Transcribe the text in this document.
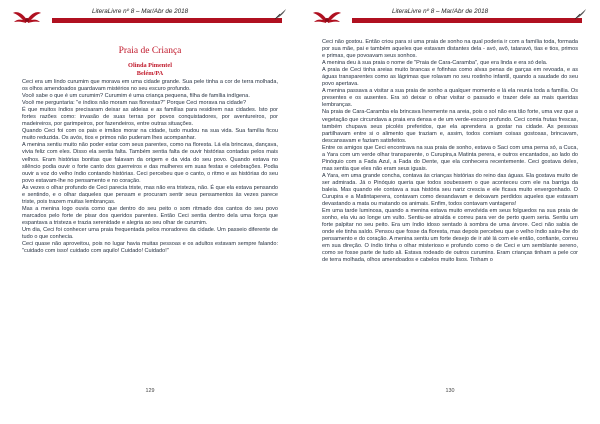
LiteraLivre nº 8 – Mar/Abr de 2018
Praia de Criança
Olinda Pimentel
Belém/PA

Ceci era um lindo curumim que morava em uma cidade grande. Sua pele tinha a cor de terra molhada, os olhos amendoados guardavam mistérios no seu escuro profundo.

Você sabe o que é um curumim? Curumim é uma criança pequena, filha de família indígena.

Você me perguntaria: "e índios não moram nas florestas?" Porque Ceci morava na cidade?

É que muitos índios precisaram deixar as aldeias e as famílias para residirem nas cidades. Isto por fortes razões como: invasão de suas terras por povos conquistadores, por aventureiros, por madeireiros, por garimpeiros, por fazendeiros, entre outras situações.

Quando Ceci foi com os pais e irmãos morar na cidade, tudo mudou na sua vida. Sua família ficou muito reduzida. Os avós, tios e primos não puderam lhes acompanhar.

A menina sentiu muito não poder estar com seus parentes, como na floresta. Lá ela brincava, dançava, vivia feliz com eles. Disso ela sentia falta. Também sentia falta de ouvir histórias contadas pelos mais velhos. Eram histórias bonitas que falavam da origem e da vida do seu povo. Quando estava no silêncio podia ouvir o forte canto dos guerreiros e das mulheres em suas festas e celebrações. Podia ouvir a voz do velho índio contando histórias. Ceci percebeu que o canto, o ritmo e as histórias do seu povo estavam-lhe no pensamento e no coração.

Às vezes o olhar profundo de Ceci parecia triste, mas não era tristeza, não. É que ela estava pensando e sentindo, e o olhar daqueles que pensam e procuram sentir seus pensamentos às vezes parece triste, pois trazem muitas lembranças.

Mas a menina logo ouvia como que dentro do seu peito o som ritmado dos cantos do seu povo marcados pelo forte de pisar dos queridos parentes. Então Ceci sentia dentro dela uma força que espantava a tristeza e trazia serenidade e alegria ao seu olhar de curumim.

Um dia, Ceci foi conhecer uma praia frequentada pelos moradores da cidade. Um passeio diferente de tudo o que conhecia.

Ceci quase não aproveitou, pois no lugar havia muitas pessoas e os adultos estavam sempre falando: "cuidado com isso! cuidado com aquilo! Cuidado! Cuidado!"

129
LiteraLivre nº 8 – Mar/Abr de 2018

Ceci não gostou. Então criou para si uma praia de sonho na qual poderia ir com a família toda, formada por sua mãe, pai e também aqueles que estavam distantes dela - avó, avô, tataravó, tias e tios, primos e primas, que povoavam seus sonhos.

A menina deu à sua praia o nome de "Praia de Cara-Caramba", que era linda e era só dela.

A praia de Ceci tinha areias muito brancas e fofinhas como alvas penas de garças em revoada, e as águas transparentes como as lágrimas que rolavam no seu rostinho infantil, quando a saudade do seu povo apertava.

A menina passava a visitar a sua praia de sonho a qualquer momento e lá ela reunia toda a família. Os presentes e os ausentes. Era só deixar o olhar visitar o passado e trazer dele as mais queridas lembranças.

Na praia de Cara-Caramba ela brincava livremente na areia, pois o sol não era tão forte, uma vez que a vegetação que circundava a praia era densa e de um verde-escuro profundo. Ceci comia frutas frescas, também chupava seus picolés preferidos, que ela aprendera a gostar na cidade. As pessoas partilhavam entre si o alimento que traziam e, assim, todos comiam coisas gostosas, brincavam, descansavam e faziam satisfeitos.

Entre os amigos que Ceci encontrava na sua praia de sonho, estava o Saci com uma perna só, a Cuca, a Yara com um verde olhar transparente, o Curupira,a Matinta perera, e outros encantados, ao lado do Pinóquio com a Fada Azul, a Fada do Dente, que ela conhecera recentemente. Ceci gostava deles, mas sentia que eles não eram seus iguais.

A Yara, em uma grande concha, contava às crianças histórias do reino das águas. Ela gostava muito de ser admirada. Já o Pinóquio queria que todos soubessem o que aconteceu com ele na barriga da baleia. Mas quando ele contava a sua história seu nariz crescia e ele ficava muito envergonhado. O Curupira e a Matintaperera, contavam como desandavam e deixavam perdidos aqueles que estavam devastando a mata ou matando os animais. Enfim, todos contavam vantagens!

Em uma tarde luminosa, quando a menina estava muito envolvida em seus folguedos na sua praia de sonho, ela viu ao longe um vulto. Sentiu-se atraída e correu para ver de perto quem seria. Sentiu um forte palpitar no seu peito. Era um índio idoso sentado à sombra de uma árvore. Ceci não sabia de onde ele tinha saído. Pensou que fosse da floresta, mas depois percebeu que o velho índio saíra-lhe do pensamento e do coração. A menina sentiu um forte desejo de ir até lá com ele então, confiante, correu em sua direção. O índio tinha o olhar misterioso e profundo como o de Ceci e um semblante sereno, como se fosse parte de tudo ali. Estava rodeado de outros curumins. Eram crianças tinham a pele cor de terra molhada, olhos amendoados e cabelos muito lisos. Tinham o

130
